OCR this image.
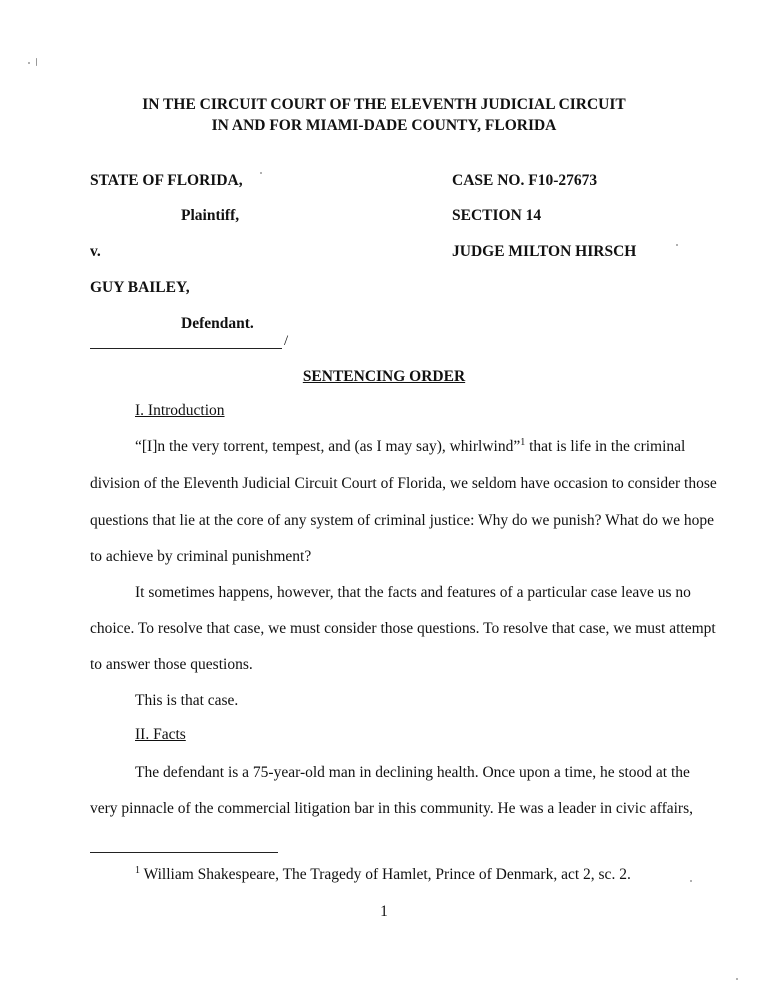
IN THE CIRCUIT COURT OF THE ELEVENTH JUDICIAL CIRCUIT
IN AND FOR MIAMI-DADE COUNTY, FLORIDA
STATE OF FLORIDA,
Plaintiff,
v.
GUY BAILEY,
Defendant.
/
CASE NO. F10-27673
SECTION 14
JUDGE MILTON HIRSCH
SENTENCING ORDER
I. Introduction
“[I]n the very torrent, tempest, and (as I may say), whirlwind”$^1$ that is life in the criminal
division of the Eleventh Judicial Circuit Court of Florida, we seldom have occasion to consider those
questions that lie at the core of any system of criminal justice: Why do we punish? What do we hope
to achieve by criminal punishment?
It sometimes happens, however, that the facts and features of a particular case leave us no
choice. To resolve that case, we must consider those questions. To resolve that case, we must attempt
to answer those questions.
This is that case.
II. Facts
The defendant is a 75-year-old man in declining health. Once upon a time, he stood at the
very pinnacle of the commercial litigation bar in this community. He was a leader in civic affairs,
$^1$ William Shakespeare, The Tragedy of Hamlet, Prince of Denmark, act 2, sc. 2.
1
